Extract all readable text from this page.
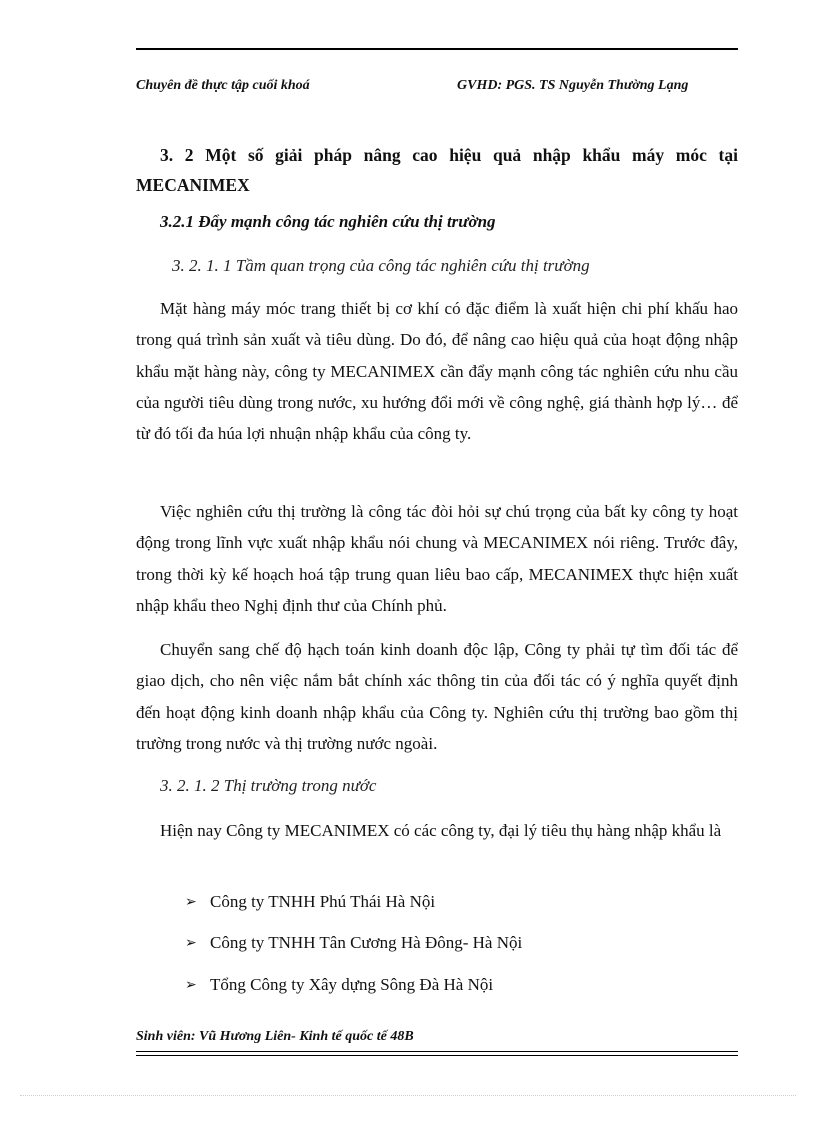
Chuyên đề thực tập cuối khoá	GVHD: PGS. TS Nguyễn Thường Lạng
3. 2 Một số giải pháp nâng cao hiệu quả nhập khẩu máy móc tại MECANIMEX
3.2.1 Đẩy mạnh công tác nghiên cứu thị trường
3. 2. 1. 1 Tầm quan trọng của công tác nghiên cứu thị trường

Mặt hàng máy móc trang thiết bị cơ khí có đặc điểm là xuất hiện chi phí khấu hao trong quá trình sản xuất và tiêu dùng. Do đó, để nâng cao hiệu quả của hoạt động nhập khẩu mặt hàng này, công ty MECANIMEX cần đẩy mạnh công tác nghiên cứu nhu cầu của người tiêu dùng trong nước, xu hướng đổi mới về công nghệ, giá thành hợp lý… để từ đó tối đa húa lợi nhuận nhập khẩu của công ty.

Việc nghiên cứu thị trường là công tác đòi hỏi sự chú trọng của bất ky công ty hoạt động trong lĩnh vực xuất nhập khẩu nói chung và MECANIMEX nói riêng. Trước đây, trong thời kỳ kế hoạch hoá tập trung quan liêu bao cấp, MECANIMEX thực hiện xuất nhập khẩu theo Nghị định thư của Chính phủ.

Chuyển sang chế độ hạch toán kinh doanh độc lập, Công ty phải tự tìm đối tác để giao dịch, cho nên việc nắm bắt chính xác thông tin của đối tác có ý nghĩa quyết định đến hoạt động kinh doanh nhập khẩu của Công ty. Nghiên cứu thị trường bao gồm thị trường trong nước và thị trường nước ngoài.

3. 2. 1. 2 Thị trường trong nước

Hiện nay Công ty MECANIMEX có các công ty, đại lý tiêu thụ hàng nhập khẩu là

➢ Công ty TNHH Phú Thái Hà Nội
➢ Công ty TNHH Tân Cương Hà Đông- Hà Nội
➢ Tổng Công ty Xây dựng Sông Đà Hà Nội
Sinh viên: Vũ Hương Liên- Kinh tế quốc tế 48B
